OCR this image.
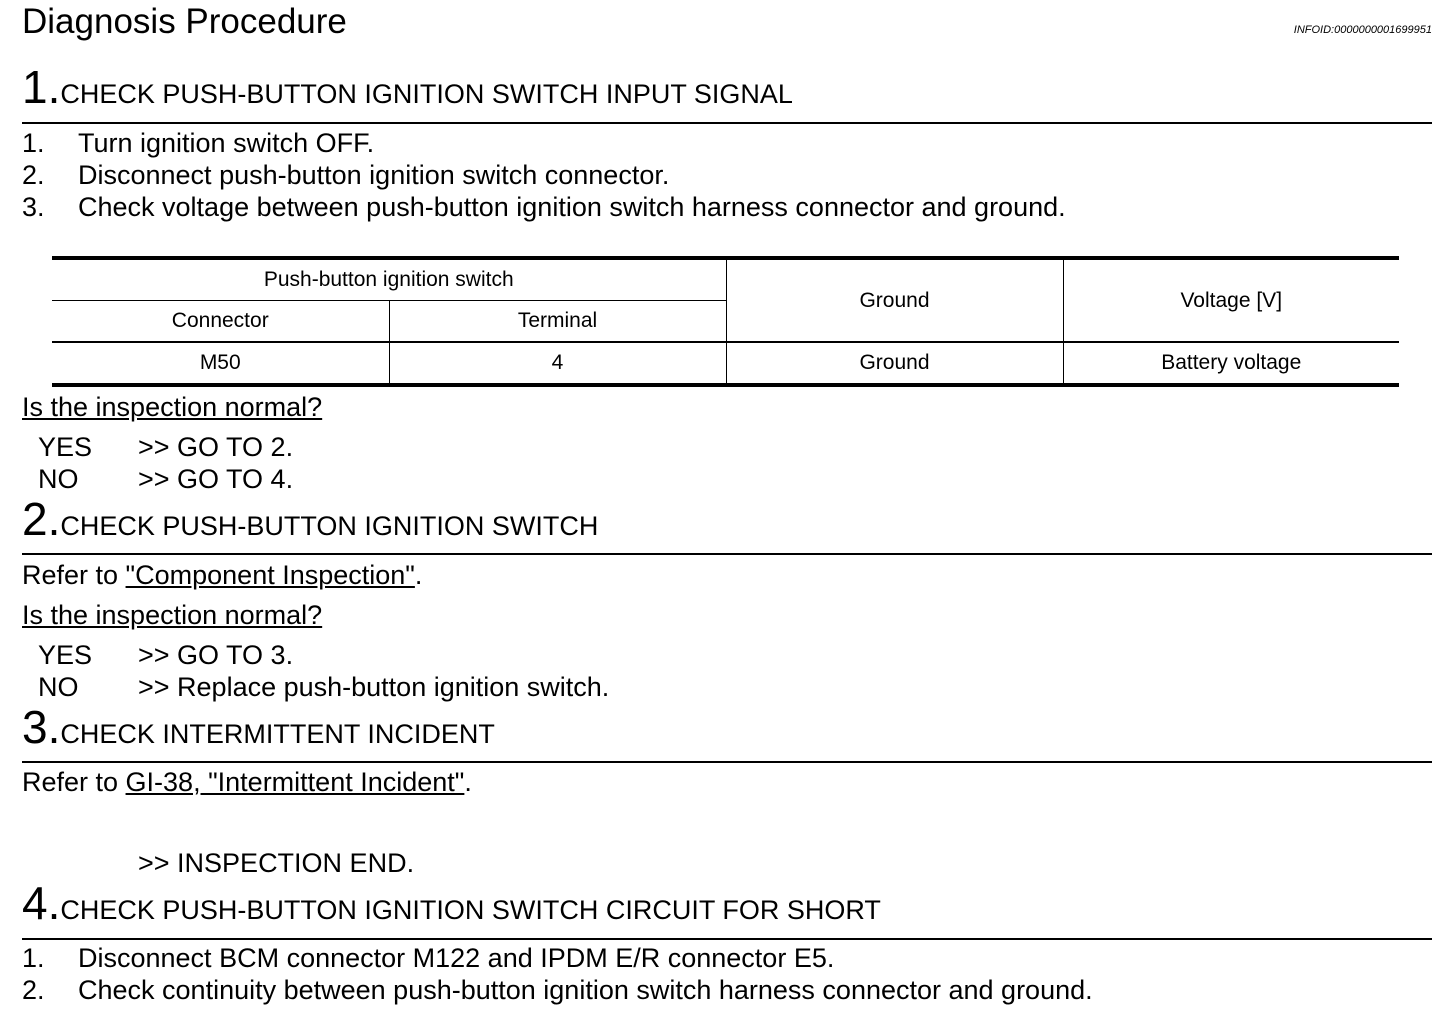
Diagnosis Procedure	INFOID:0000000001699951
1. CHECK PUSH-BUTTON IGNITION SWITCH INPUT SIGNAL
1. Turn ignition switch OFF.
2. Disconnect push-button ignition switch connector.
3. Check voltage between push-button ignition switch harness connector and ground.
Push-button ignition switch		Ground	Voltage [V]
Connector	Terminal		
M50	4	Ground	Battery voltage
Is the inspection normal?
YES >> GO TO 2.
NO >> GO TO 4.
2. CHECK PUSH-BUTTON IGNITION SWITCH
Refer to "Component Inspection".
Is the inspection normal?
YES >> GO TO 3.
NO >> Replace push-button ignition switch.
3. CHECK INTERMITTENT INCIDENT
Refer to GI-38, "Intermittent Incident".
>> INSPECTION END.
4. CHECK PUSH-BUTTON IGNITION SWITCH CIRCUIT FOR SHORT
1. Disconnect BCM connector M122 and IPDM E/R connector E5.
2. Check continuity between push-button ignition switch harness connector and ground.
